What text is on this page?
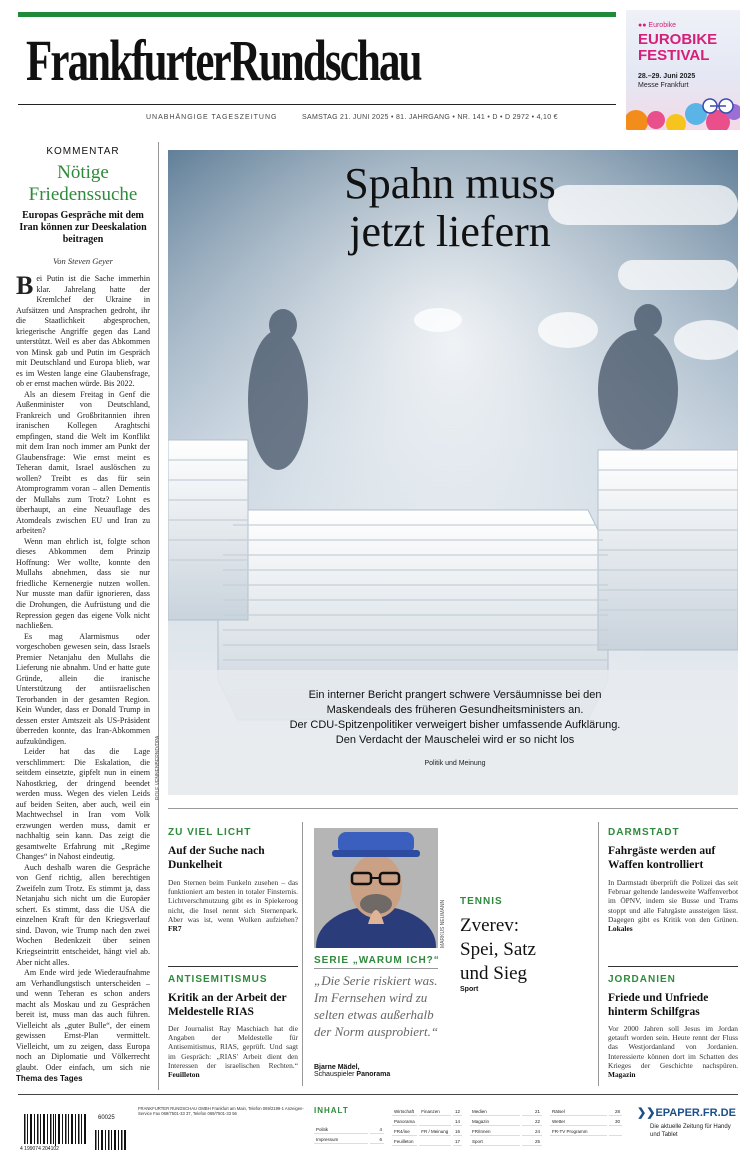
FrankfurterRundschau
UNABHÄNGIGE TAGESZEITUNG	SAMSTAG 21. JUNI 2025 • 81. JAHRGANG • NR. 141 • D • D 2972 • 4,10 €
●● Eurobike
EUROBIKE
FESTIVAL
28.–29. Juni 2025
Messe Frankfurt
KOMMENTAR
Nötige
Friedenssuche
Europas Gespräche mit dem Iran können zur Deeskalation beitragen
Von Steven Geyer
Bei Putin ist die Sache immerhin klar. Jahrelang hatte der Kremlchef der Ukraine in Aufsätzen und Ansprachen gedroht, ihr die Staatlichkeit abgesprochen, kriegerische Angriffe gegen das Land unterstützt. Weil es aber das Abkommen von Minsk gab und Putin im Gespräch mit Deutschland und Europa blieb, war es im Westen lange eine Glaubensfrage, ob er ernst machen würde. Bis 2022.
Als an diesem Freitag in Genf die Außenminister von Deutschland, Frankreich und Großbritannien ihren iranischen Kollegen Araghtschi empfingen, stand die Welt im Konflikt mit dem Iran noch immer am Punkt der Glaubensfrage: Wie ernst meint es Teheran damit, Israel auslöschen zu wollen? Treibt es das für sein Atomprogramm voran – allen Dementis der Mullahs zum Trotz? Lohnt es überhaupt, an eine Neuauflage des Atomdeals zwischen EU und Iran zu arbeiten?
Wenn man ehrlich ist, folgte schon dieses Abkommen dem Prinzip Hoffnung: Wer wollte, konnte den Mullahs abnehmen, dass sie nur friedliche Kernenergie nutzen wollen. Nur musste man dafür ignorieren, dass die Drohungen, die Aufrüstung und die Repression gegen das eigene Volk nicht nachließen.
Es mag Alarmismus oder vorgeschoben gewesen sein, dass Israels Premier Netanjahu den Mullahs die Lieferung nie abnahm. Und er hatte gute Gründe, allein die iranische Unterstützung der antiisraelischen Terorbanden in der gesamten Region. Kein Wunder, dass er Donald Trump in dessen erster Amtszeit als US-Präsident überreden konnte, das Iran-Abkommen aufzukündigen.
Leider hat das die Lage verschlimmert: Die Eskalation, die seitdem einsetzte, gipfelt nun in einem Nahostkrieg, der dringend beendet werden muss. Wegen des vielen Leids auf beiden Seiten, aber auch, weil ein Machtwechsel in Iran vom Volk erzwungen werden muss, damit er nachhaltig sein kann. Das zeigt die gesamtwelte Erfahrung mit „Regime Changes“ in Nahost eindeutig.
Auch deshalb waren die Gespräche von Genf richtig, allen berechtigen Zweifeln zum Trotz. Es stimmt ja, dass Netanjahu sich nicht um die Europäer schert. Es stimmt, dass die USA die einzelnen Kraft für den Kriegsverlauf sind. Davon, wie Trump nach den zwei Wochen Bedenkzeit über seinen Kriegseintritt entscheidet, hängt viel ab. Aber nicht alles.
Am Ende wird jede Wiederaufnahme am Verhandlungstisch unterscheiden – und wenn Teheran es schon anders macht als Moskau und zu Gesprächen bereit ist, muss man das auch führen. Vielleicht als „guter Bulle“, der einem gewissen Ernst-Plan vermittelt. Vielleicht, um zu zeigen, dass Europa noch an Diplomatie und Völkerrecht glaubt. Oder einfach, um sich nie
Thema des Tages
Spahn muss
jetzt liefern
Ein interner Bericht prangert schwere Versäumnisse bei den
Maskendeals des früheren Gesundheitsministers an.
Der CDU-Spitzenpolitiker verweigert bisher umfassende Aufklärung.
Den Verdacht der Mauschelei wird er so nicht los
Politik und Meinung
ROLF VENNENBERND/DPA
ZU VIEL LICHT
Auf der Suche nach Dunkelheit
Den Sternen beim Funkeln zusehen – das funktioniert am besten in totaler Finsternis. Lichtverschmutzung gibt es in Spiekeroog nicht, die Insel nennt sich Sternenpark. Aber was ist, wenn Wolken aufziehen? FR7
ANTISEMITISMUS
Kritik an der Arbeit der Meldestelle RIAS
Der Journalist Ray Maschiach hat die Angaben der Meldestelle für Antisemitismus, RIAS, geprüft. Und sagt im Gespräch: „RIAS' Arbeit dient den Interessen der israelischen Rechten.“ Feuilleton
MARKUS NEUMANN
SERIE „WARUM ICH?“
„Die Serie riskiert was. Im Fernsehen wird zu selten etwas außerhalb der Norm ausprobiert.“
Bjarne Mädel,
Schauspieler Panorama
TENNIS
Zverev:
Spei, Satz
und Sieg
Sport
DARMSTADT
Fahrgäste werden auf Waffen kontrolliert
In Darmstadt überprüft die Polizei das seit Februar geltende landesweite Waffenverbot im ÖPNV, indem sie Busse und Trams stoppt und alle Fahrgäste aussteigen lässt. Dagegen gibt es Kritik von den Grünen. Lokales
JORDANIEN
Friede und Unfriede hinterm Schilfgras
Vor 2000 Jahren soll Jesus im Jordan getauft worden sein. Heute rennt der Fluss das Westjordanland von Jordanien. Interessierte können dort im Schatten des Krieges der Geschichte nachspüren. Magazin
4 199074 204102
60025
FRANKFURTER RUNDSCHAU GMBH Frankfurt am Main, Telefon 069/2199-1 Anzeigen-Service Fax 069/7501-33 37, Telefon 069/7501-33 56	INHALT
Politik	4
Impressum	6
Wirtschaft	Finanzen	12
Panorama		14
FR4/ine	FR / Meinung	16
Feuilleton		17
Medien	21
Magazin	22
FR/Innen	24
Sport	25
Rätsel	28
Wetter	30
FR-TV Programm	
❯❯EPAPER.FR.DE
Die aktuelle Zeitung für Handy und Tablet
